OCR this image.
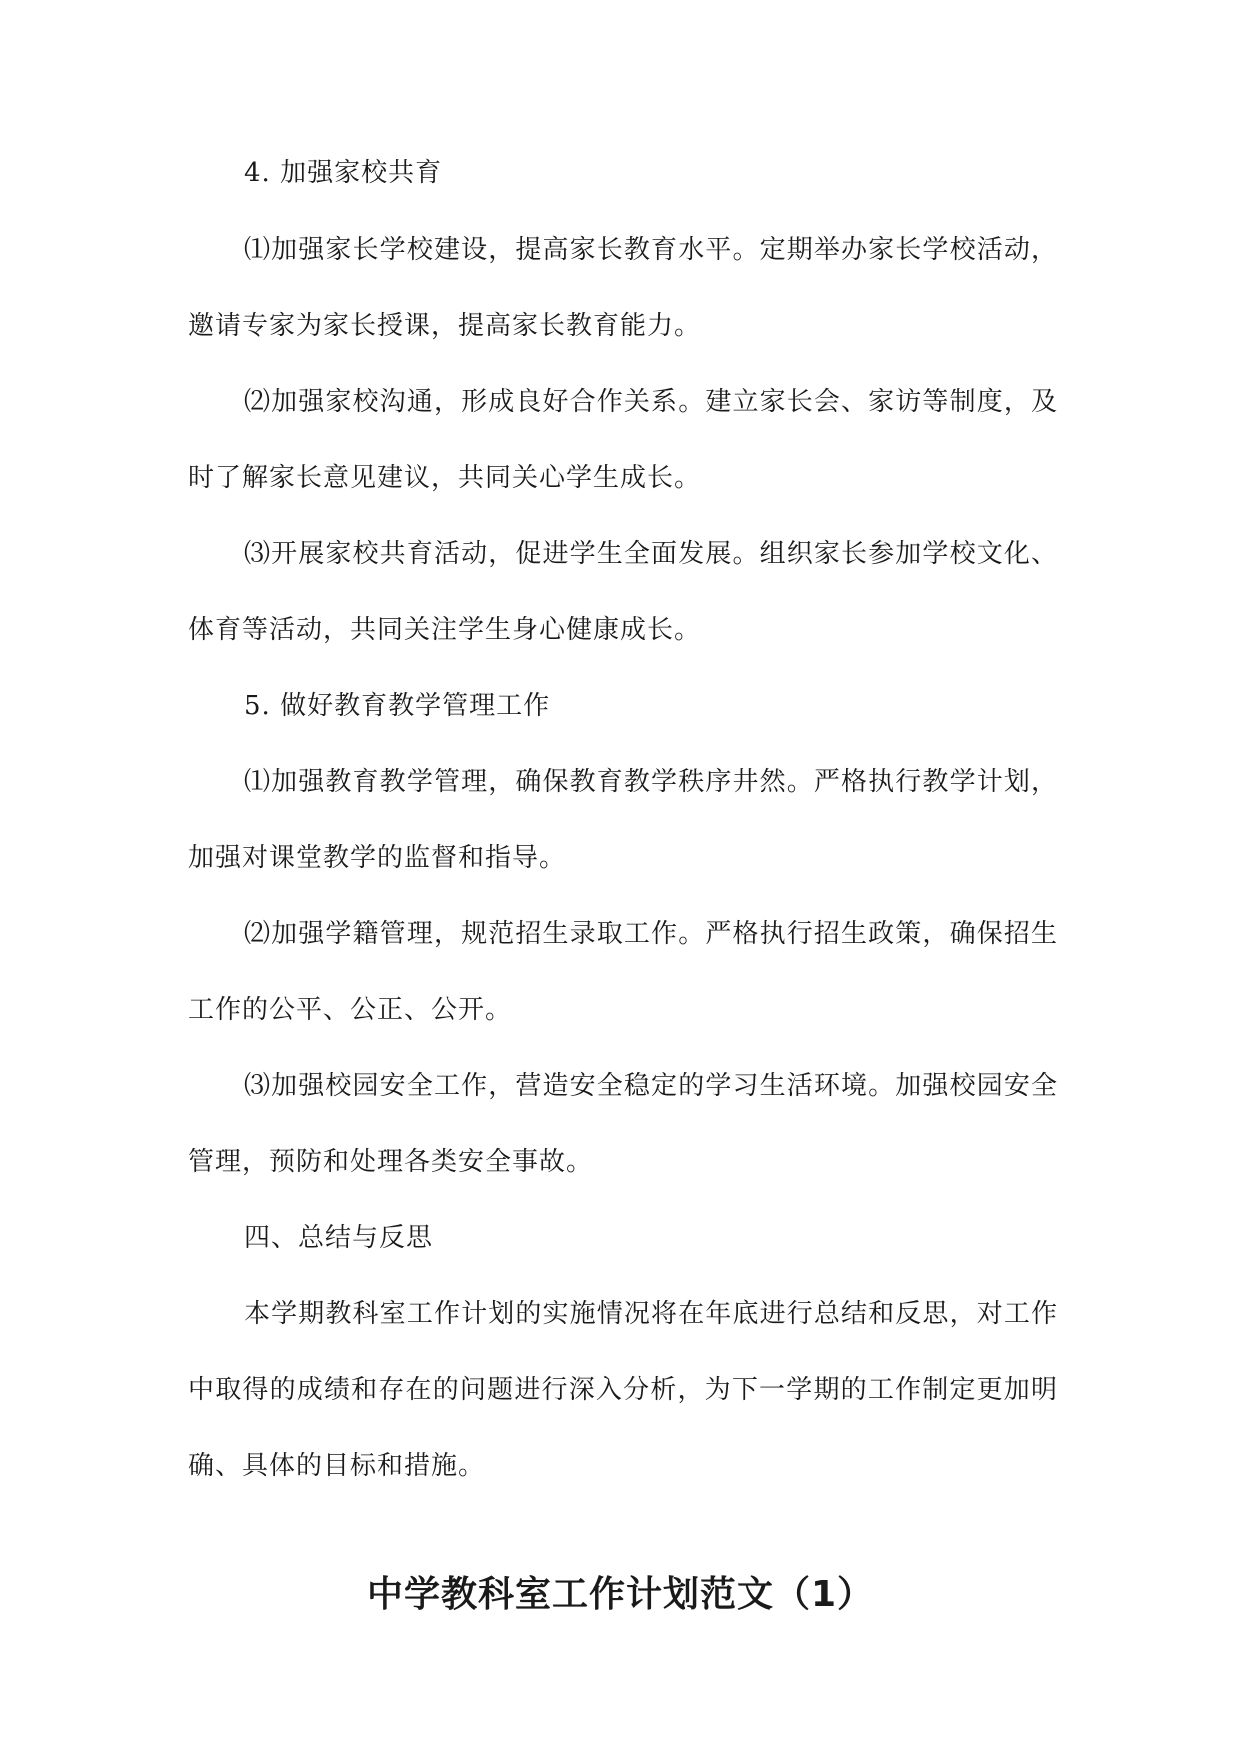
4. 加强家校共育

⑴加强家长学校建设，提高家长教育水平。定期举办家长学校活动，邀请专家为家长授课，提高家长教育能力。

⑵加强家校沟通，形成良好合作关系。建立家长会、家访等制度，及时了解家长意见建议，共同关心学生成长。

⑶开展家校共育活动，促进学生全面发展。组织家长参加学校文化、体育等活动，共同关注学生身心健康成长。

5. 做好教育教学管理工作

⑴加强教育教学管理，确保教育教学秩序井然。严格执行教学计划，加强对课堂教学的监督和指导。

⑵加强学籍管理，规范招生录取工作。严格执行招生政策，确保招生工作的公平、公正、公开。

⑶加强校园安全工作，营造安全稳定的学习生活环境。加强校园安全管理，预防和处理各类安全事故。

四、总结与反思

本学期教科室工作计划的实施情况将在年底进行总结和反思，对工作中取得的成绩和存在的问题进行深入分析，为下一学期的工作制定更加明确、具体的目标和措施。

中学教科室工作计划范文（1）
